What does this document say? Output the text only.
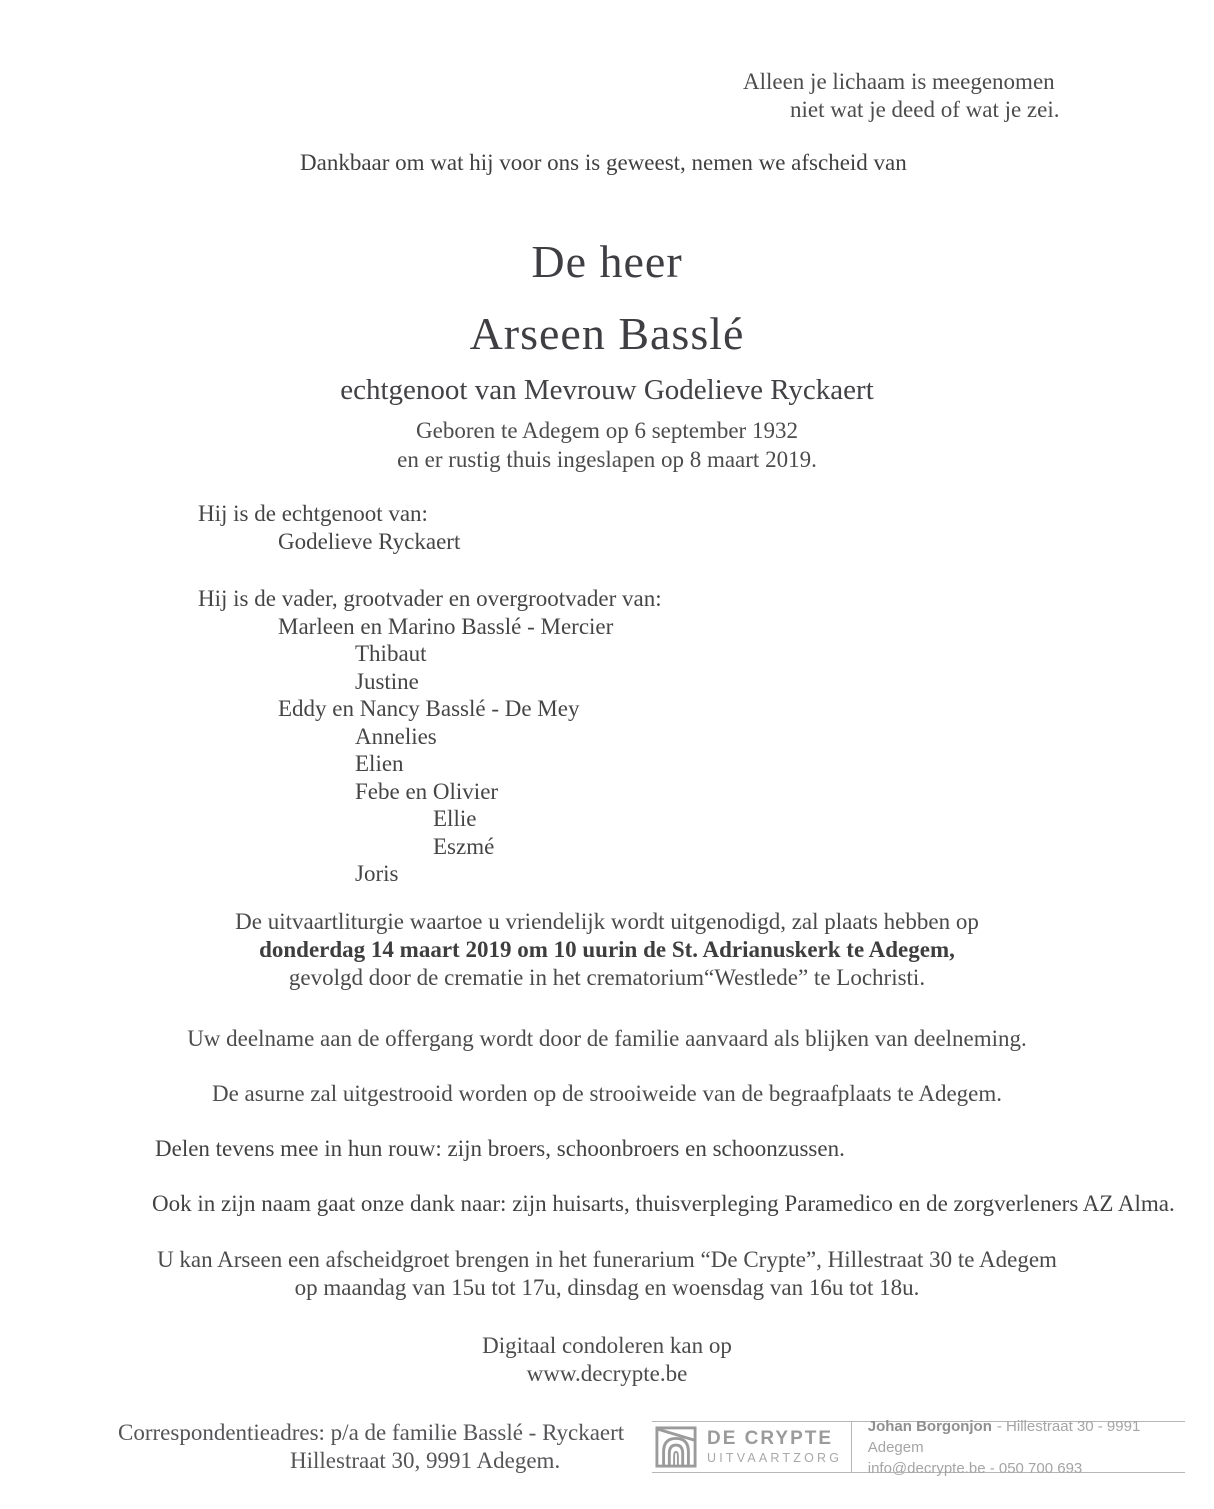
Alleen je lichaam is meegenomen
niet wat je deed of wat je zei.
Dankbaar om wat hij voor ons is geweest, nemen we afscheid van
De heer
Arseen Basslé
echtgenoot van Mevrouw Godelieve Ryckaert
Geboren te Adegem op 6 september 1932
en er rustig thuis ingeslapen op 8 maart 2019.
Hij is de echtgenoot van:
Godelieve Ryckaert
Hij is de vader, grootvader en overgrootvader van:
Marleen en Marino Basslé - Mercier
Thibaut
Justine
Eddy en Nancy Basslé - De Mey
Annelies
Elien
Febe en Olivier
Ellie
Eszmé
Joris
De uitvaartliturgie waartoe u vriendelijk wordt uitgenodigd, zal plaats hebben op
donderdag 14 maart 2019 om 10 uurin de St. Adrianuskerk te Adegem,
gevolgd door de crematie in het crematorium“Westlede” te Lochristi.
Uw deelname aan de offergang wordt door de familie aanvaard als blijken van deelneming.
De asurne zal uitgestrooid worden op de strooiweide van de begraafplaats te Adegem.
Delen tevens mee in hun rouw: zijn broers, schoonbroers en schoonzussen.
Ook in zijn naam gaat onze dank naar: zijn huisarts, thuisverpleging Paramedico en de zorgverleners AZ Alma.
U kan Arseen een afscheidgroet brengen in het funerarium “De Crypte”, Hillestraat 30 te Adegem
op maandag van 15u tot 17u, dinsdag en woensdag van 16u tot 18u.
Digitaal condoleren kan op
www.decrypte.be
Correspondentieadres: p/a de familie Basslé - Ryckaert
Hillestraat 30, 9991 Adegem.
DE CRYPTE
UITVAARTZORG
Johan Borgonjon - Hillestraat 30 - 9991 Adegem
info@decrypte.be - 050 700 693
